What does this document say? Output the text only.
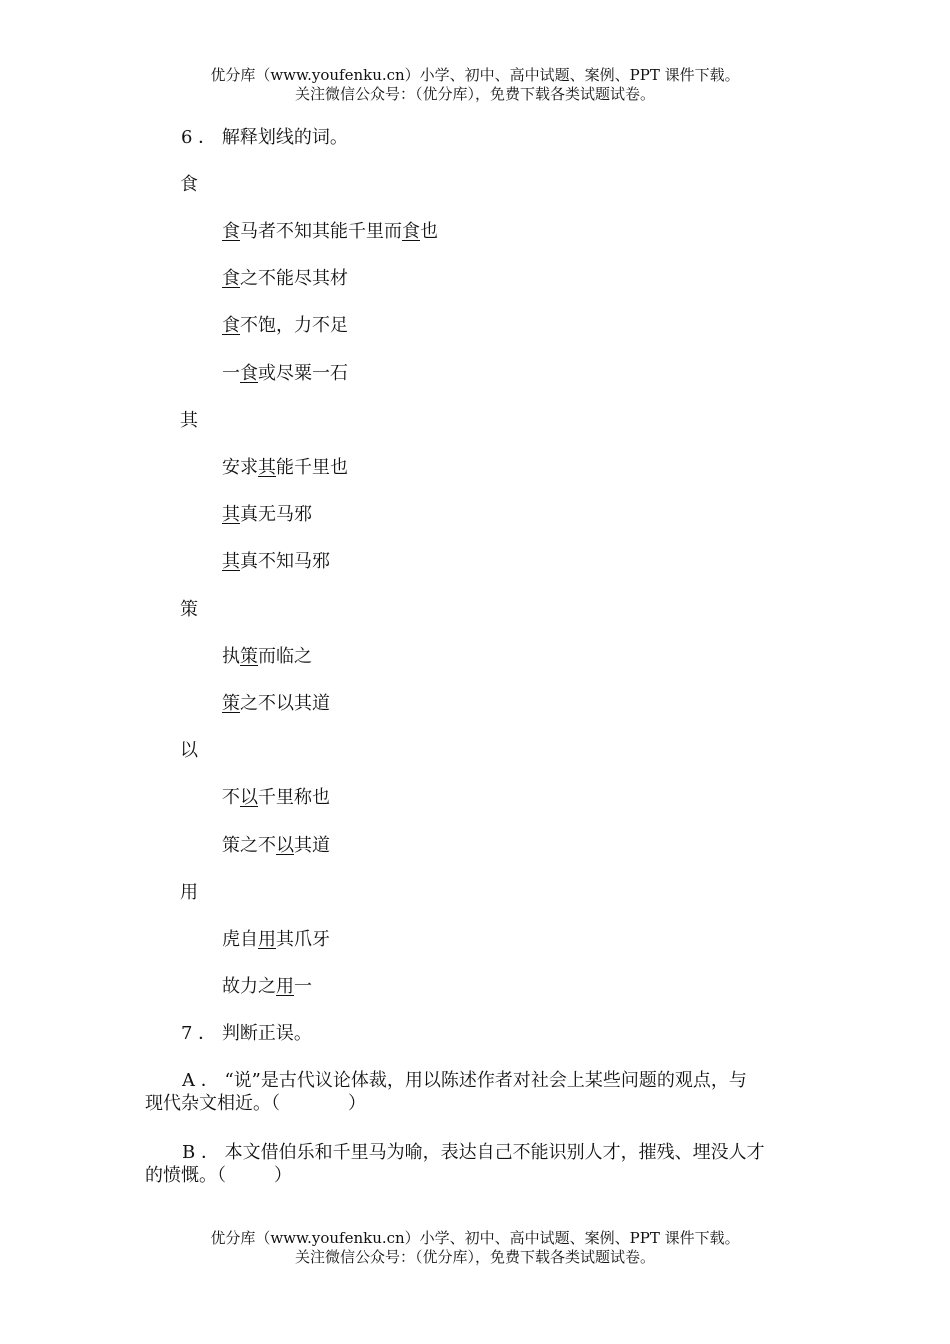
优分库（www.youfenku.cn）小学、初中、高中试题、案例、PPT 课件下载。
关注微信公众号：（优分库），免费下载各类试题试卷。
6 ． 解释划线的词。
食
食马者不知其能千里而食也
食之不能尽其材
食不饱，力不足
一食或尽粟一石
其
安求其能千里也
其真无马邪
其真不知马邪
策
执策而临之
策之不以其道
以
不以千里称也
策之不以其道
用
虎自用其爪牙
故力之用一
7 ． 判断正误。
A ． “说”是古代议论体裁，用以陈述作者对社会上某些问题的观点，与
现代杂文相近。（	）
B ． 本文借伯乐和千里马为喻，表达自己不能识别人才，摧残、埋没人才
的愤慨。（	）
优分库（www.youfenku.cn）小学、初中、高中试题、案例、PPT 课件下载。
关注微信公众号：（优分库），免费下载各类试题试卷。
